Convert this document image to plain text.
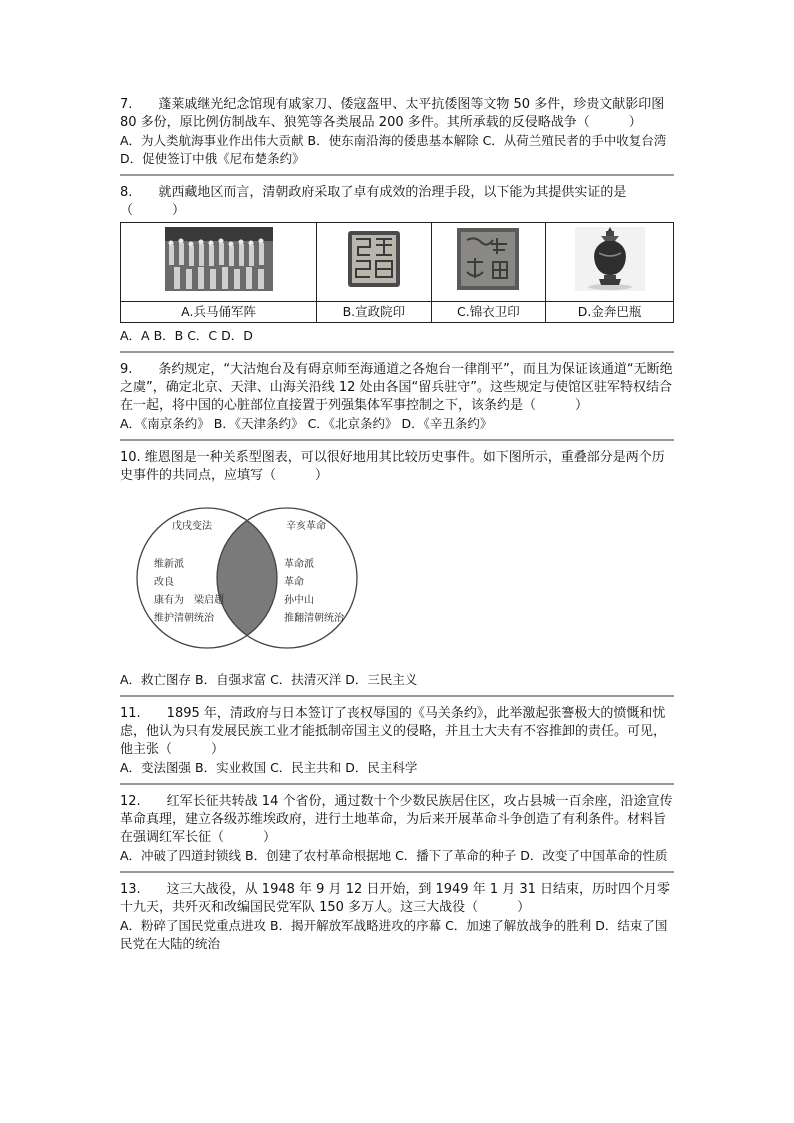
7.　　蓬莱戚继光纪念馆现有戚家刀、倭寇盔甲、太平抗倭图等文物 50 多件，珍贵文献影印图 80 多份，原比例仿制战车、狼筅等各类展品 200 多件。其所承载的反侵略战争（　　　）

A．为人类航海事业作出伟大贡献 B．使东南沿海的倭患基本解除 C．从荷兰殖民者的手中收复台湾 D．促使签订中俄《尼布楚条约》

8.　　就西藏地区而言，清朝政府采取了卓有成效的治理手段，以下能为其提供实证的是（　　　）

A.兵马俑军阵	B.宣政院印	C.锦衣卫印	D.金奔巴瓶

A．A B．B C．C D．D

9.　　条约规定，“大沽炮台及有碍京师至海通道之各炮台一律削平”，而且为保证该通道“无断绝之虞”，确定北京、天津、山海关沿线 12 处由各国“留兵驻守”。这些规定与使馆区驻军特权结合在一起，将中国的心脏部位直接置于列强集体军事控制之下，该条约是（　　　）

A．《南京条约》 B．《天津条约》 C．《北京条约》 D．《辛丑条约》

10. 维恩图是一种关系型图表，可以很好地用其比较历史事件。如下图所示，重叠部分是两个历史事件的共同点，应填写（　　　）

戊戌变法
维新派
改良
康有为　梁启超
维护清朝统治
辛亥革命
革命派
革命
孙中山
推翻清朝统治

A．救亡图存 B．自强求富 C．扶清灭洋 D．三民主义

11.　　1895 年，清政府与日本签订了丧权辱国的《马关条约》，此举激起张謇极大的愤慨和忧虑，他认为只有发展民族工业才能抵制帝国主义的侵略，并且士大夫有不容推卸的责任。可见，他主张（　　　）

A．变法图强 B．实业救国 C．民主共和 D．民主科学

12.　　红军长征共转战 14 个省份，通过数十个少数民族居住区，攻占县城一百余座，沿途宣传革命真理，建立各级苏维埃政府，进行土地革命，为后来开展革命斗争创造了有利条件。材料旨在强调红军长征（　　　）

A．冲破了四道封锁线 B．创建了农村革命根据地 C．播下了革命的种子 D．改变了中国革命的性质

13.　　这三大战役，从 1948 年 9 月 12 日开始，到 1949 年 1 月 31 日结束，历时四个月零十九天，共歼灭和改编国民党军队 150 多万人。这三大战役（　　　）

A．粉碎了国民党重点进攻 B．揭开解放军战略进攻的序幕 C．加速了解放战争的胜利 D．结束了国民党在大陆的统治
